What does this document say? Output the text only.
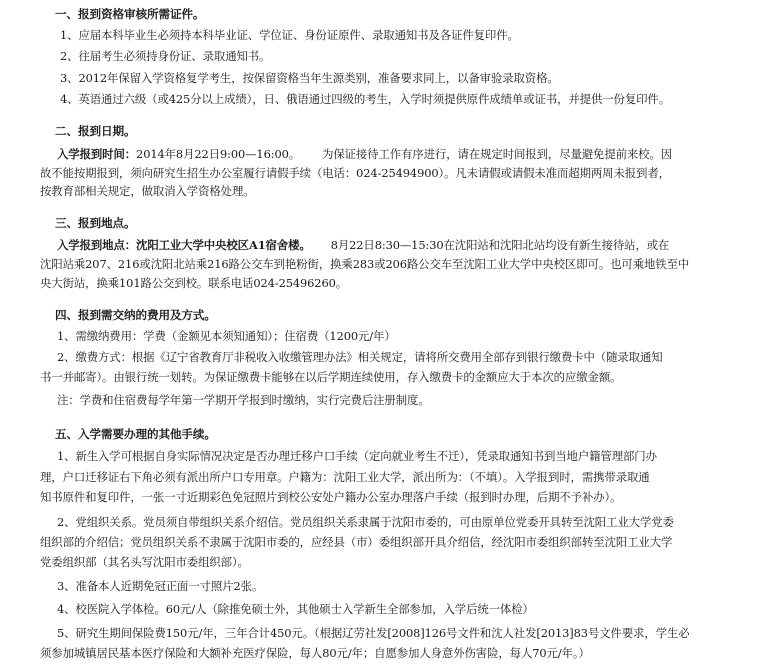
一、报到资格审核所需证件。
1、应届本科毕业生必须持本科毕业证、学位证、身份证原件、录取通知书及各证件复印件。
2、往届考生必须持身份证、录取通知书。
3、2012年保留入学资格复学考生，按保留资格当年生源类别，准备要求同上，以备审验录取资格。
4、英语通过六级（或425分以上成绩），日、俄语通过四级的考生，入学时须提供原件成绩单或证书，并提供一份复印件。
二、报到日期。
入学报到时间：2014年8月22日9:00—16:00。 为保证接待工作有序进行，请在规定时间报到，尽量避免提前来校。因
故不能按期报到，须向研究生招生办公室履行请假手续（电话：024-25494900）。凡未请假或请假未准而超期两周未报到者，
按教育部相关规定，做取消入学资格处理。
三、报到地点。
入学报到地点：沈阳工业大学中央校区A1宿舍楼。 8月22日8:30—15:30在沈阳站和沈阳北站均设有新生接待站，或在
沈阳站乘207、216或沈阳北站乘216路公交车到艳粉街，换乘283或206路公交车至沈阳工业大学中央校区即可。也可乘地铁至中
央大街站，换乘101路公交到校。联系电话024-25496260。
四、报到需交纳的费用及方式。
1、需缴纳费用：学费（金额见本须知通知）；住宿费（1200元/年）
2、缴费方式：根据《辽宁省教育厅非税收入收缴管理办法》相关规定，请将所交费用全部存到银行缴费卡中（随录取通知
书一并邮寄）。由银行统一划转。为保证缴费卡能够在以后学期连续使用，存入缴费卡的金额应大于本次的应缴金额。
注：学费和住宿费每学年第一学期开学报到时缴纳，实行完费后注册制度。
五、入学需要办理的其他手续。
1、新生入学可根据自身实际情况决定是否办理迁移户口手续（定向就业考生不迁），凭录取通知书到当地户籍管理部门办
理，户口迁移证右下角必须有派出所户口专用章。户籍为：沈阳工业大学，派出所为：（不填）。入学报到时，需携带录取通
知书原件和复印件，一张一寸近期彩色免冠照片到校公安处户籍办公室办理落户手续（报到时办理，后期不予补办）。
2、党组织关系。党员须自带组织关系介绍信。党员组织关系隶属于沈阳市委的，可由原单位党委开具转至沈阳工业大学党委
组织部的介绍信；党员组织关系不隶属于沈阳市委的，应经县（市）委组织部开具介绍信，经沈阳市委组织部转至沈阳工业大学
党委组织部（其名头写沈阳市委组织部）。
3、准备本人近期免冠正面一寸照片2张。
4、校医院入学体检。60元/人（除推免硕士外，其他硕士入学新生全部参加，入学后统一体检）
5、研究生期间保险费150元/年，三年合计450元。（根据辽劳社发[2008]126号文件和沈人社发[2013]83号文件要求，学生必
须参加城镇居民基本医疗保险和大额补充医疗保险，每人80元/年；自愿参加人身意外伤害险，每人70元/年。）
